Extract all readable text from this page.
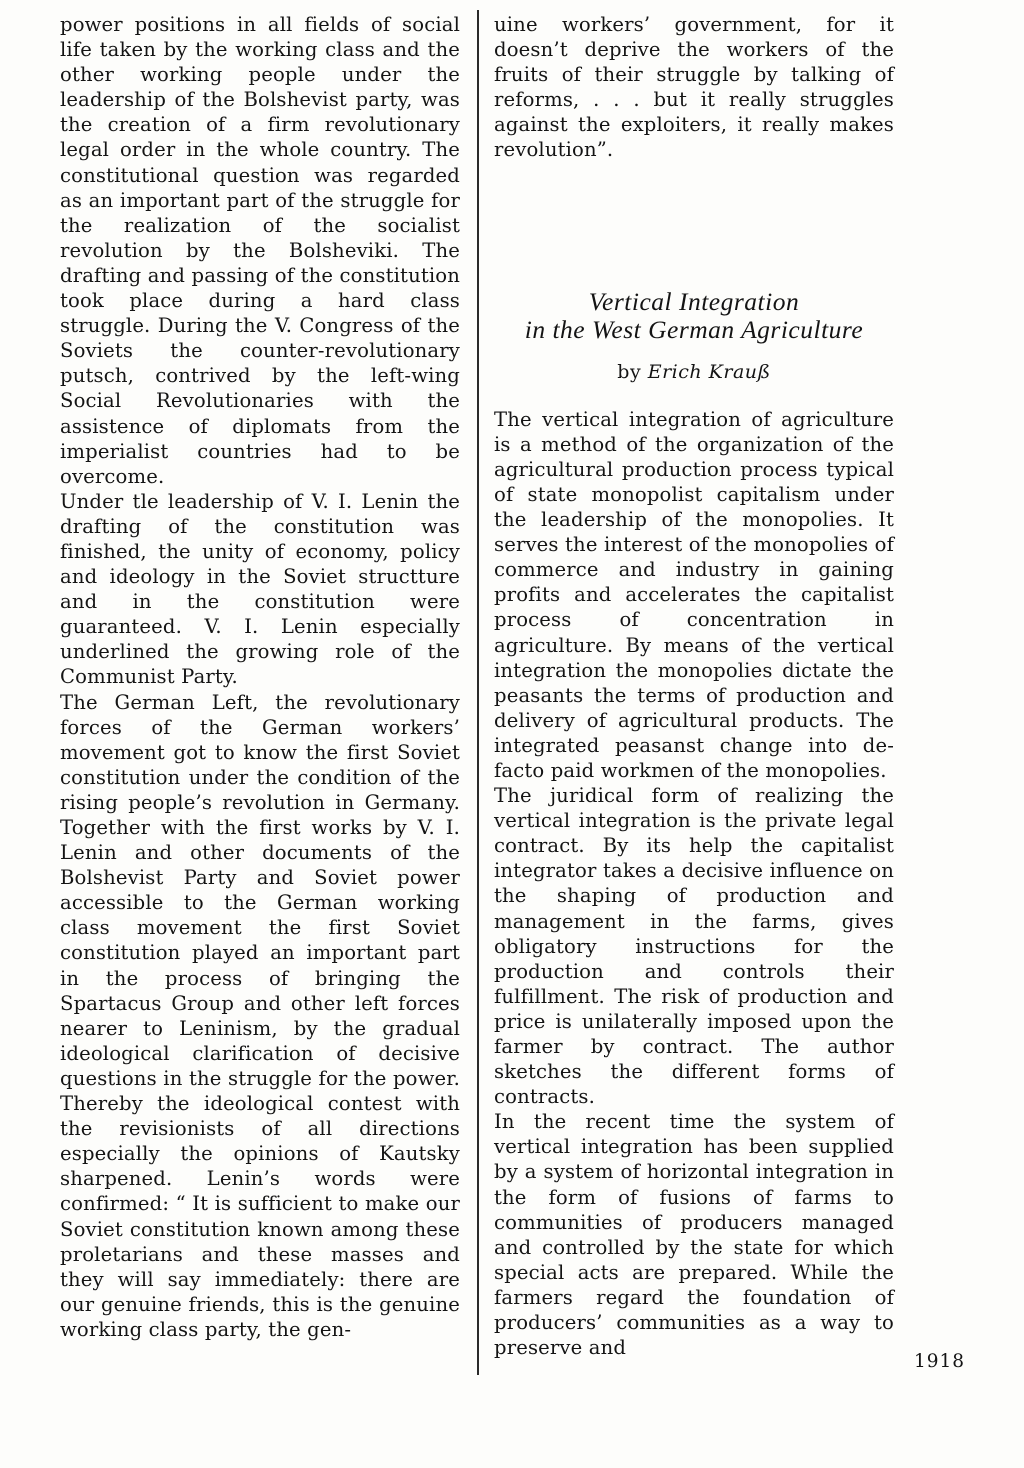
power positions in all fields of social life taken by the working class and the other working people under the leadership of the Bolshevist party, was the creation of a firm revolutionary legal order in the whole country. The constitutional question was regarded as an important part of the struggle for the realization of the socialist revolution by the Bolsheviki. The drafting and passing of the constitution took place during a hard class struggle. During the V. Congress of the Soviets the counter-revolutionary putsch, contrived by the left-wing Social Revolutionaries with the assistence of diplomats from the imperialist countries had to be overcome.

Under tle leadership of V. I. Lenin the drafting of the constitution was finished, the unity of economy, policy and ideology in the Soviet structture and in the constitution were guaranteed. V. I. Lenin especially underlined the growing role of the Communist Party.

The German Left, the revolutionary forces of the German workers’ movement got to know the first Soviet constitution under the condition of the rising people’s revolution in Germany. Together with the first works by V. I. Lenin and other documents of the Bolshevist Party and Soviet power accessible to the German working class movement the first Soviet constitution played an important part in the process of bringing the Spartacus Group and other left forces nearer to Leninism, by the gradual ideological clarification of decisive questions in the struggle for the power. Thereby the ideological contest with the revisionists of all directions especially the opinions of Kautsky sharpened. Lenin’s words were confirmed: “ It is sufficient to make our Soviet constitution known among these proletarians and these masses and they will say immediately: there are our genuine friends, this is the genuine working class party, the gen-

uine workers’ government, for it doesn’t deprive the workers of the fruits of their struggle by talking of reforms, . . . but it really struggles against the exploiters, it really makes revolution”.

Vertical Integration
in the West German Agriculture
by Erich Krauß

The vertical integration of agriculture is a method of the organization of the agricultural production process typical of state monopolist capitalism under the leadership of the monopolies. It serves the interest of the monopolies of commerce and industry in gaining profits and accelerates the capitalist process of concentration in agriculture. By means of the vertical integration the monopolies dictate the peasants the terms of production and delivery of agricultural products. The integrated peasanst change into de-facto paid workmen of the monopolies.

The juridical form of realizing the vertical integration is the private legal contract. By its help the capitalist integrator takes a decisive influence on the shaping of production and management in the farms, gives obligatory instructions for the production and controls their fulfillment. The risk of production and price is unilaterally imposed upon the farmer by contract. The author sketches the different forms of contracts.

In the recent time the system of vertical integration has been supplied by a system of horizontal integration in the form of fusions of farms to communities of producers managed and controlled by the state for which special acts are prepared. While the farmers regard the foundation of producers’ communities as a way to preserve and

1918
